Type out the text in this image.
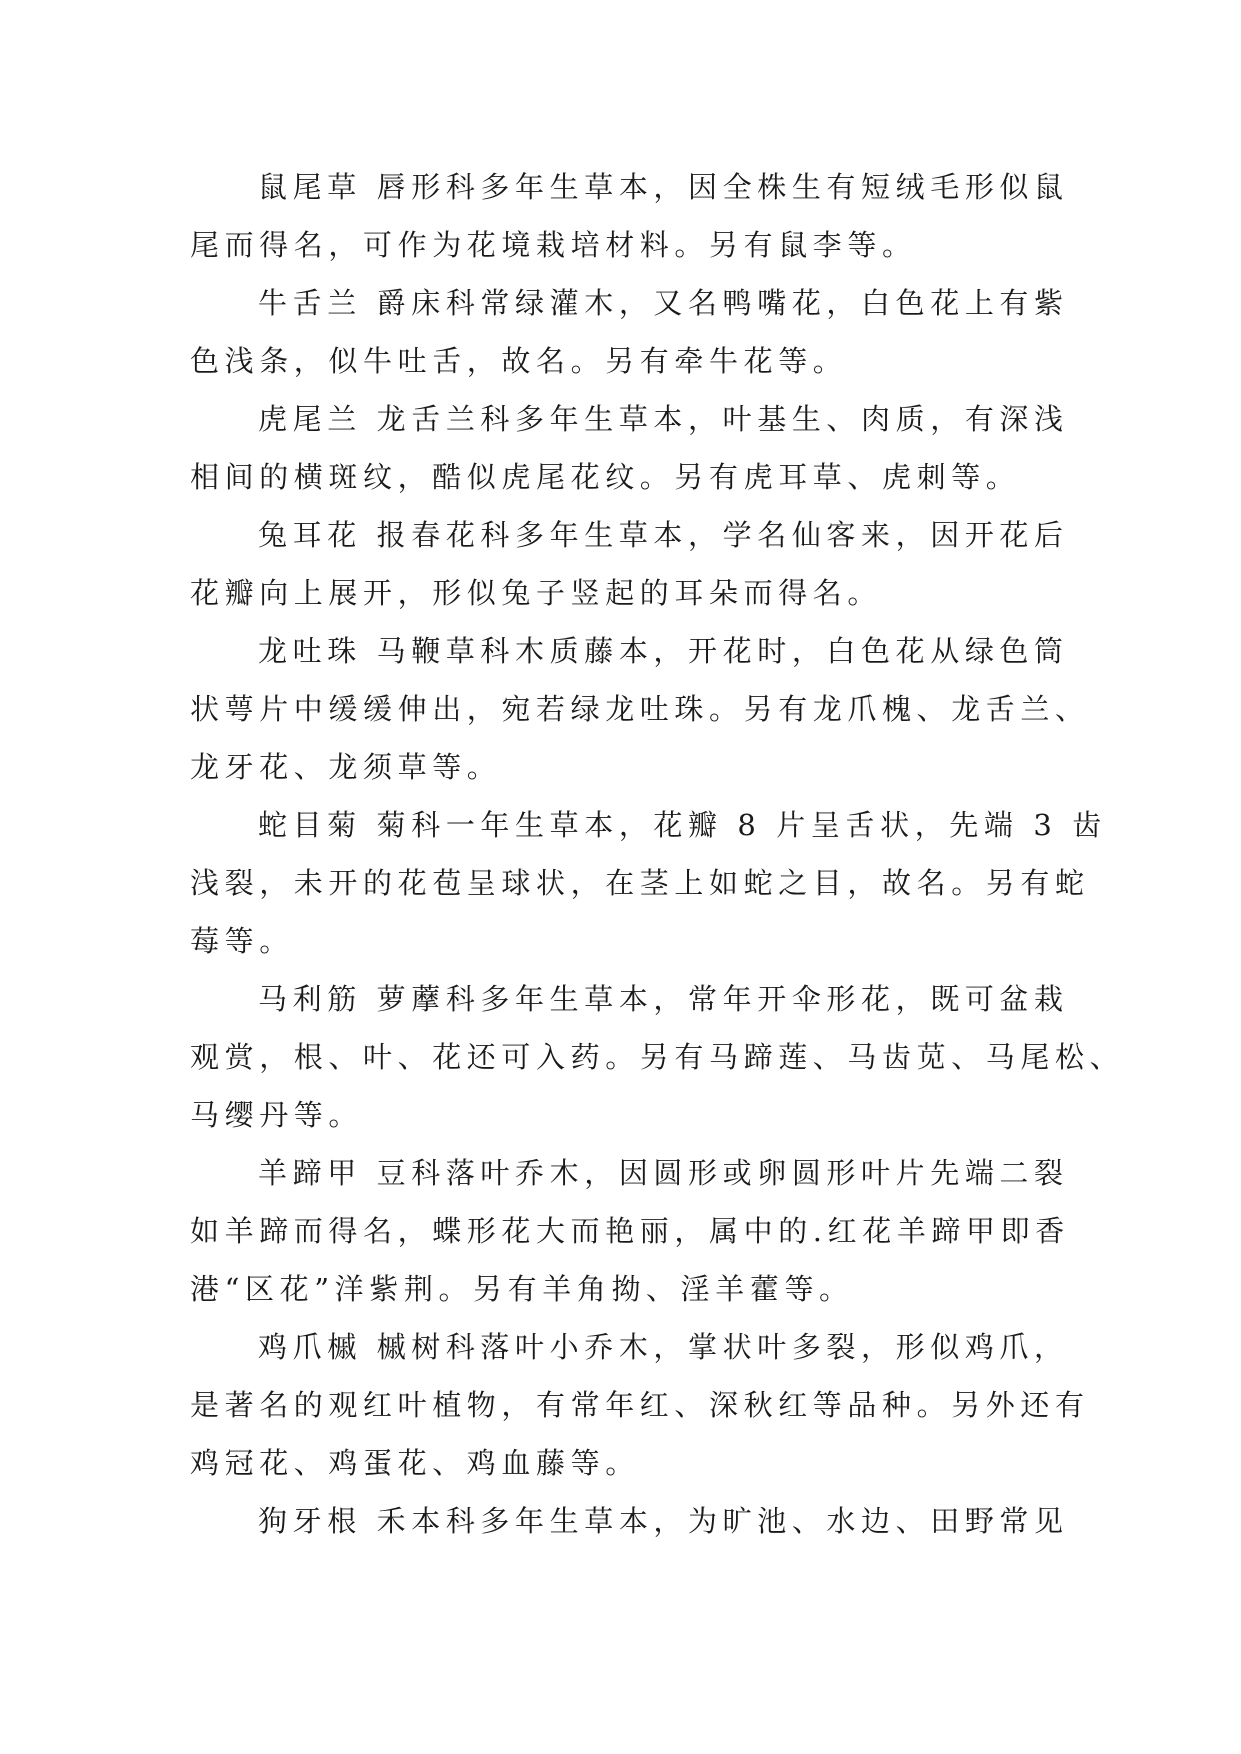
鼠尾草 唇形科多年生草本，因全株生有短绒毛形似鼠
尾而得名，可作为花境栽培材料。另有鼠李等。
牛舌兰 爵床科常绿灌木，又名鸭嘴花，白色花上有紫
色浅条，似牛吐舌，故名。另有牵牛花等。
虎尾兰 龙舌兰科多年生草本，叶基生、肉质，有深浅
相间的横斑纹，酷似虎尾花纹。另有虎耳草、虎刺等。
兔耳花 报春花科多年生草本，学名仙客来，因开花后
花瓣向上展开，形似兔子竖起的耳朵而得名。
龙吐珠 马鞭草科木质藤本，开花时，白色花从绿色筒
状萼片中缓缓伸出，宛若绿龙吐珠。另有龙爪槐、龙舌兰、
龙牙花、龙须草等。
蛇目菊 菊科一年生草本，花瓣 8 片呈舌状，先端 3 齿
浅裂，未开的花苞呈球状，在茎上如蛇之目，故名。另有蛇
莓等。
马利筋 萝藦科多年生草本，常年开伞形花，既可盆栽
观赏，根、叶、花还可入药。另有马蹄莲、马齿苋、马尾松、
马缨丹等。
羊蹄甲 豆科落叶乔木，因圆形或卵圆形叶片先端二裂
如羊蹄而得名，蝶形花大而艳丽，属中的.红花羊蹄甲即香
港“区花”洋紫荆。另有羊角拗、淫羊藿等。
鸡爪槭 槭树科落叶小乔木，掌状叶多裂，形似鸡爪，
是著名的观红叶植物，有常年红、深秋红等品种。另外还有
鸡冠花、鸡蛋花、鸡血藤等。
狗牙根 禾本科多年生草本，为旷池、水边、田野常见
